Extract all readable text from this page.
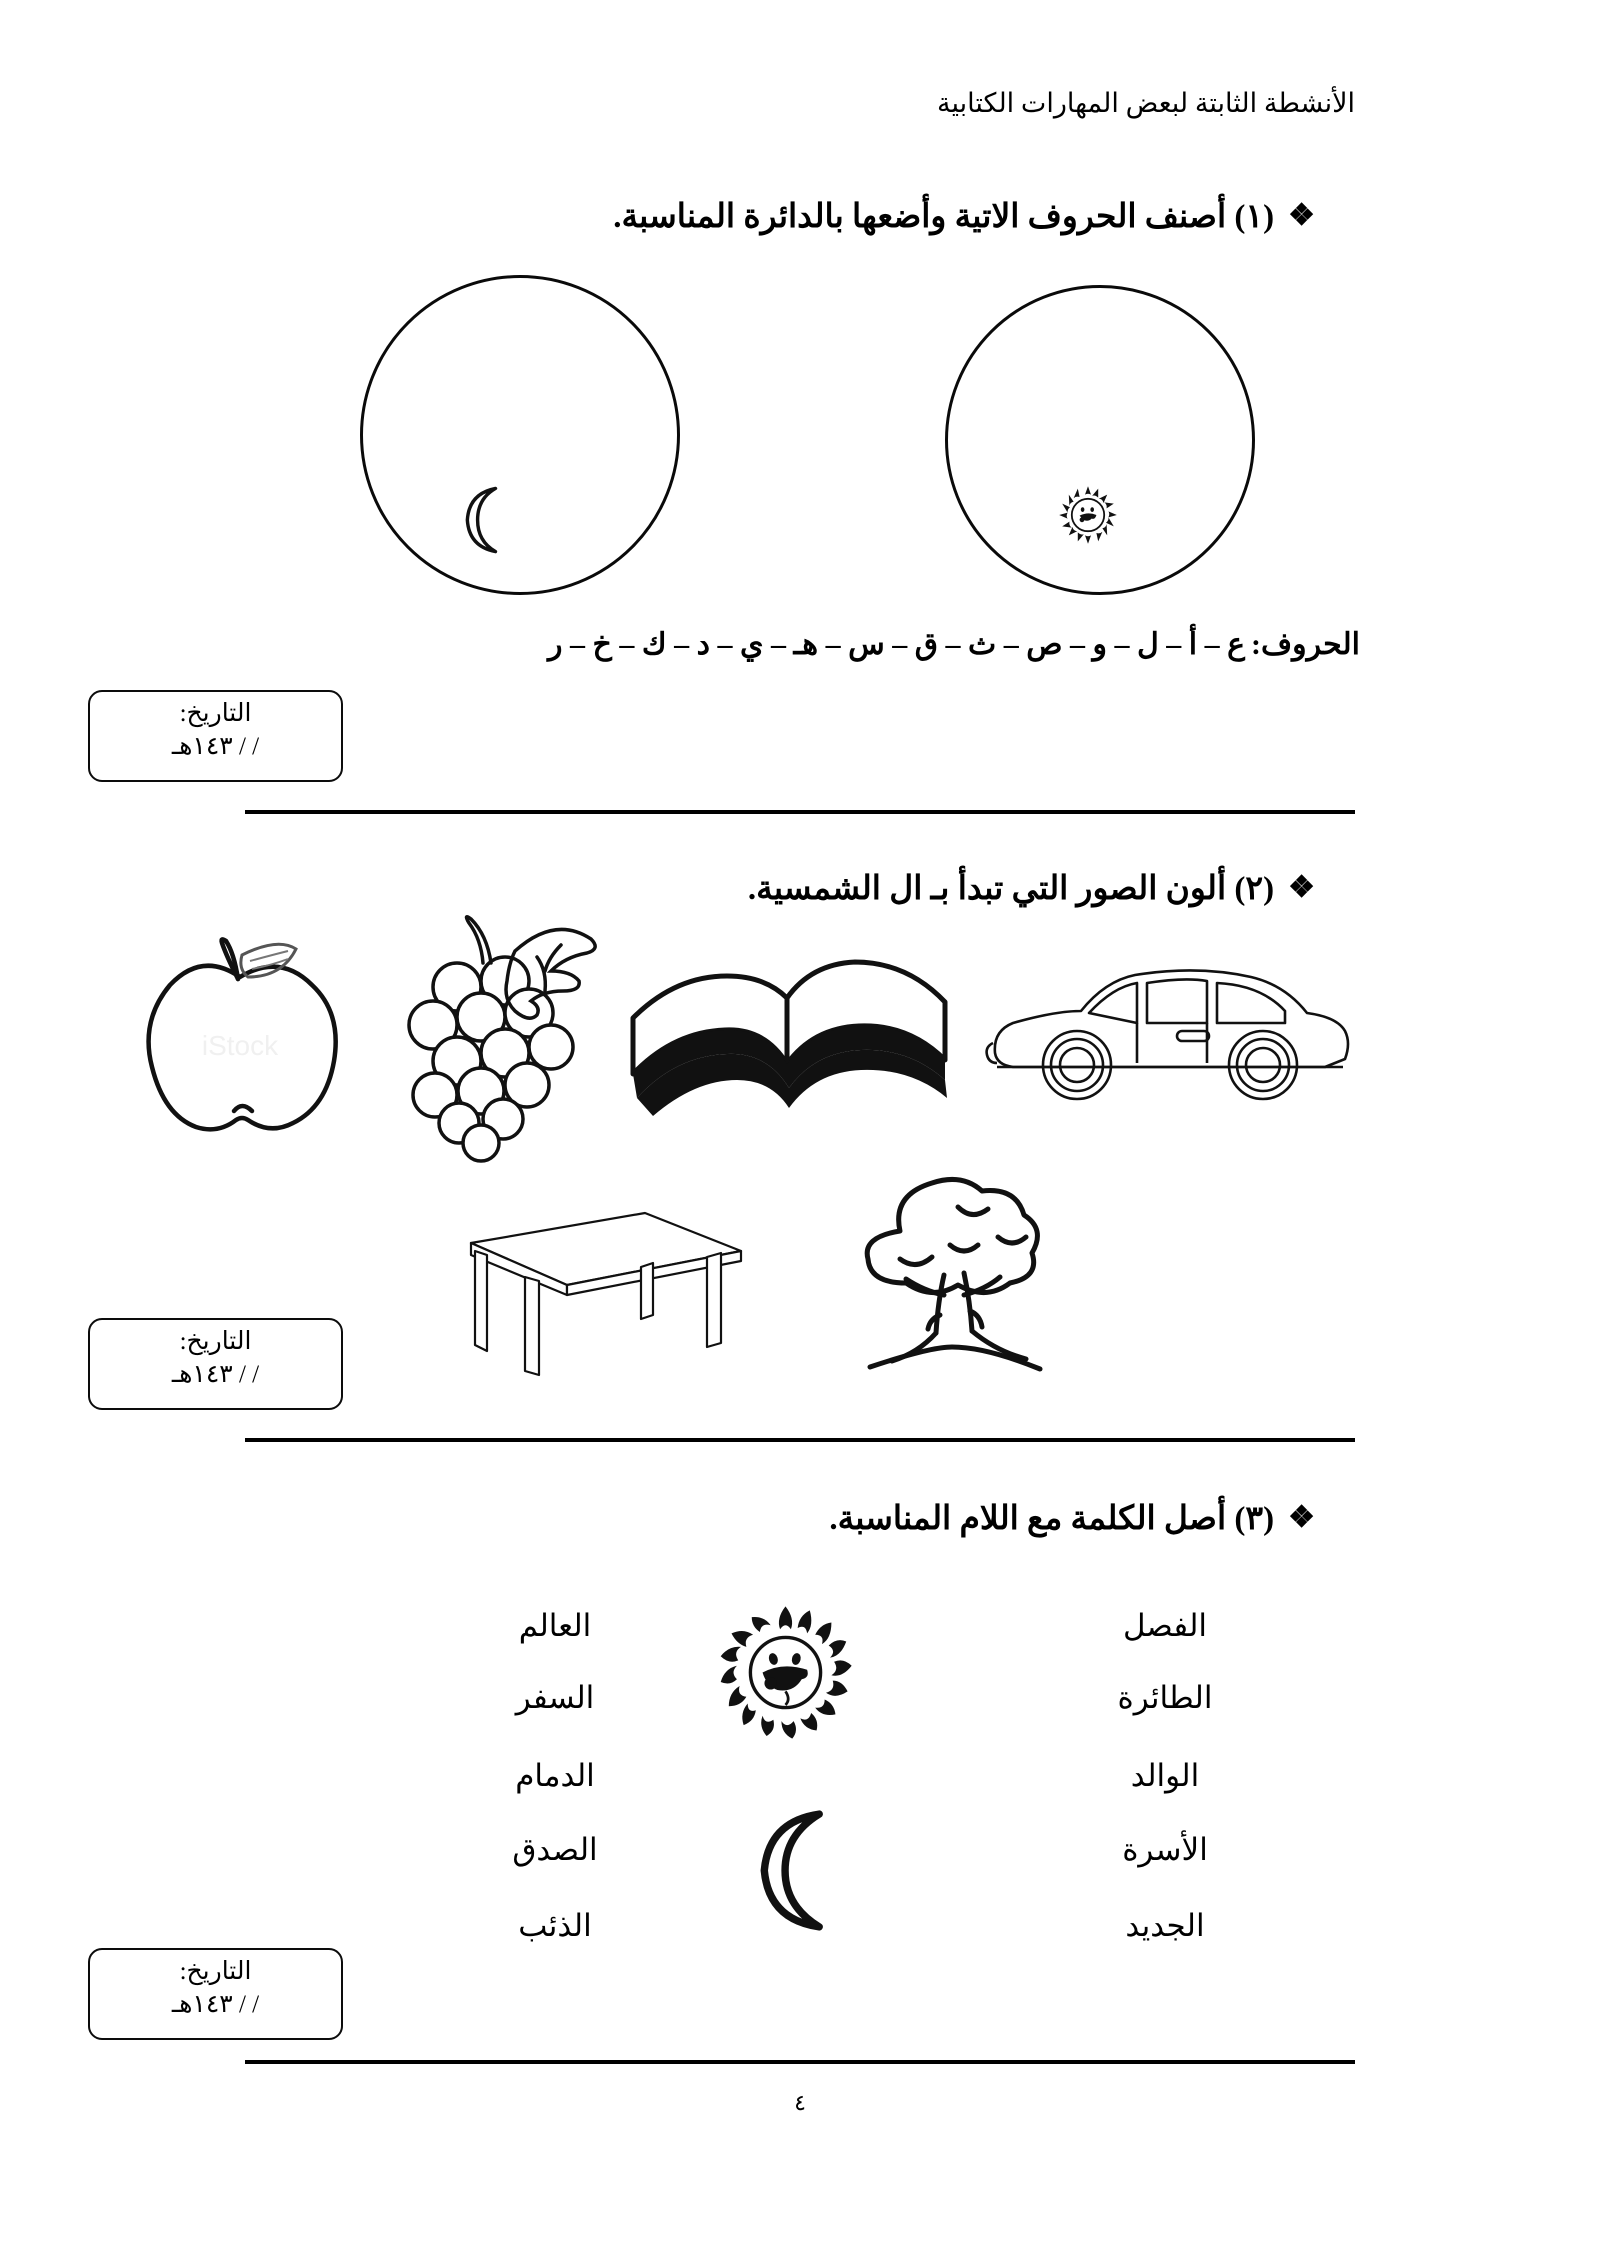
الأنشطة الثابتة لبعض المهارات الكتابية
❖(١) أصنف الحروف الاتية وأضعها بالدائرة المناسبة.
الحروف:ع – أ – ل – و – ص – ث – ق – س – هـ – ي – د – ك – خ – ر
التاريخ:
/ / ١٤٣هـ
❖(٢) ألون الصور التي تبدأ بـ ال الشمسية.
iStock
التاريخ:
/ / ١٤٣هـ
❖(٣) أصل الكلمة مع اللام المناسبة.
الفصل
الطائرة
الوالد
الأسرة
الجديد
العالم
السفر
الدمام
الصدق
الذئب
التاريخ:
/ / ١٤٣هـ
٤
